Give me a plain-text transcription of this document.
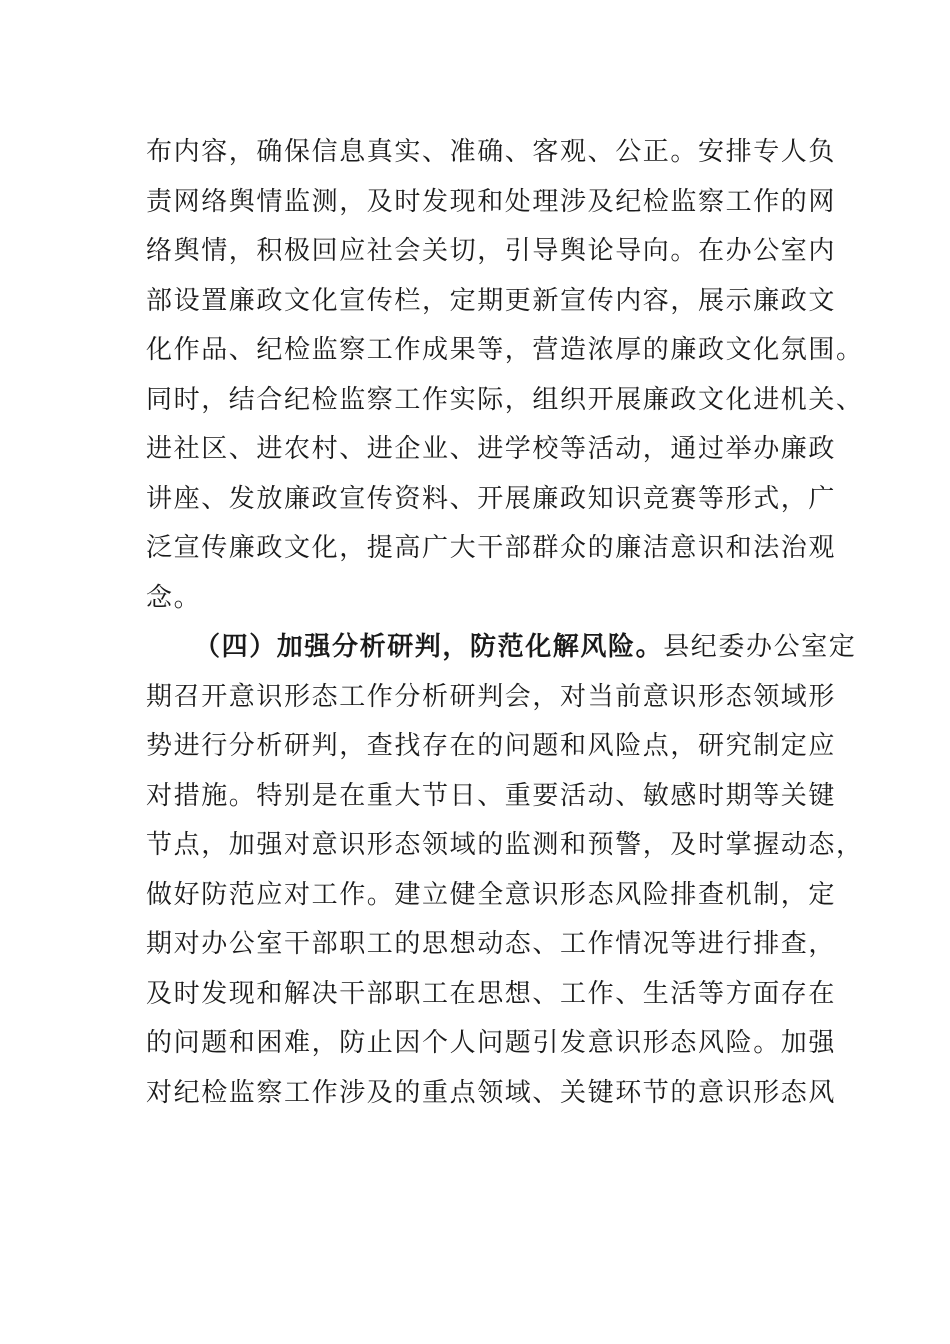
布内容，确保信息真实、准确、客观、公正。安排专人负
责网络舆情监测，及时发现和处理涉及纪检监察工作的网
络舆情，积极回应社会关切，引导舆论导向。在办公室内
部设置廉政文化宣传栏，定期更新宣传内容，展示廉政文
化作品、纪检监察工作成果等，营造浓厚的廉政文化氛围。
同时，结合纪检监察工作实际，组织开展廉政文化进机关、
进社区、进农村、进企业、进学校等活动，通过举办廉政
讲座、发放廉政宣传资料、开展廉政知识竞赛等形式，广
泛宣传廉政文化，提高广大干部群众的廉洁意识和法治观
念。
（四）加强分析研判，防范化解风险。县纪委办公室定
期召开意识形态工作分析研判会，对当前意识形态领域形
势进行分析研判，查找存在的问题和风险点，研究制定应
对措施。特别是在重大节日、重要活动、敏感时期等关键
节点，加强对意识形态领域的监测和预警，及时掌握动态，
做好防范应对工作。建立健全意识形态风险排查机制，定
期对办公室干部职工的思想动态、工作情况等进行排查，
及时发现和解决干部职工在思想、工作、生活等方面存在
的问题和困难，防止因个人问题引发意识形态风险。加强
对纪检监察工作涉及的重点领域、关键环节的意识形态风
